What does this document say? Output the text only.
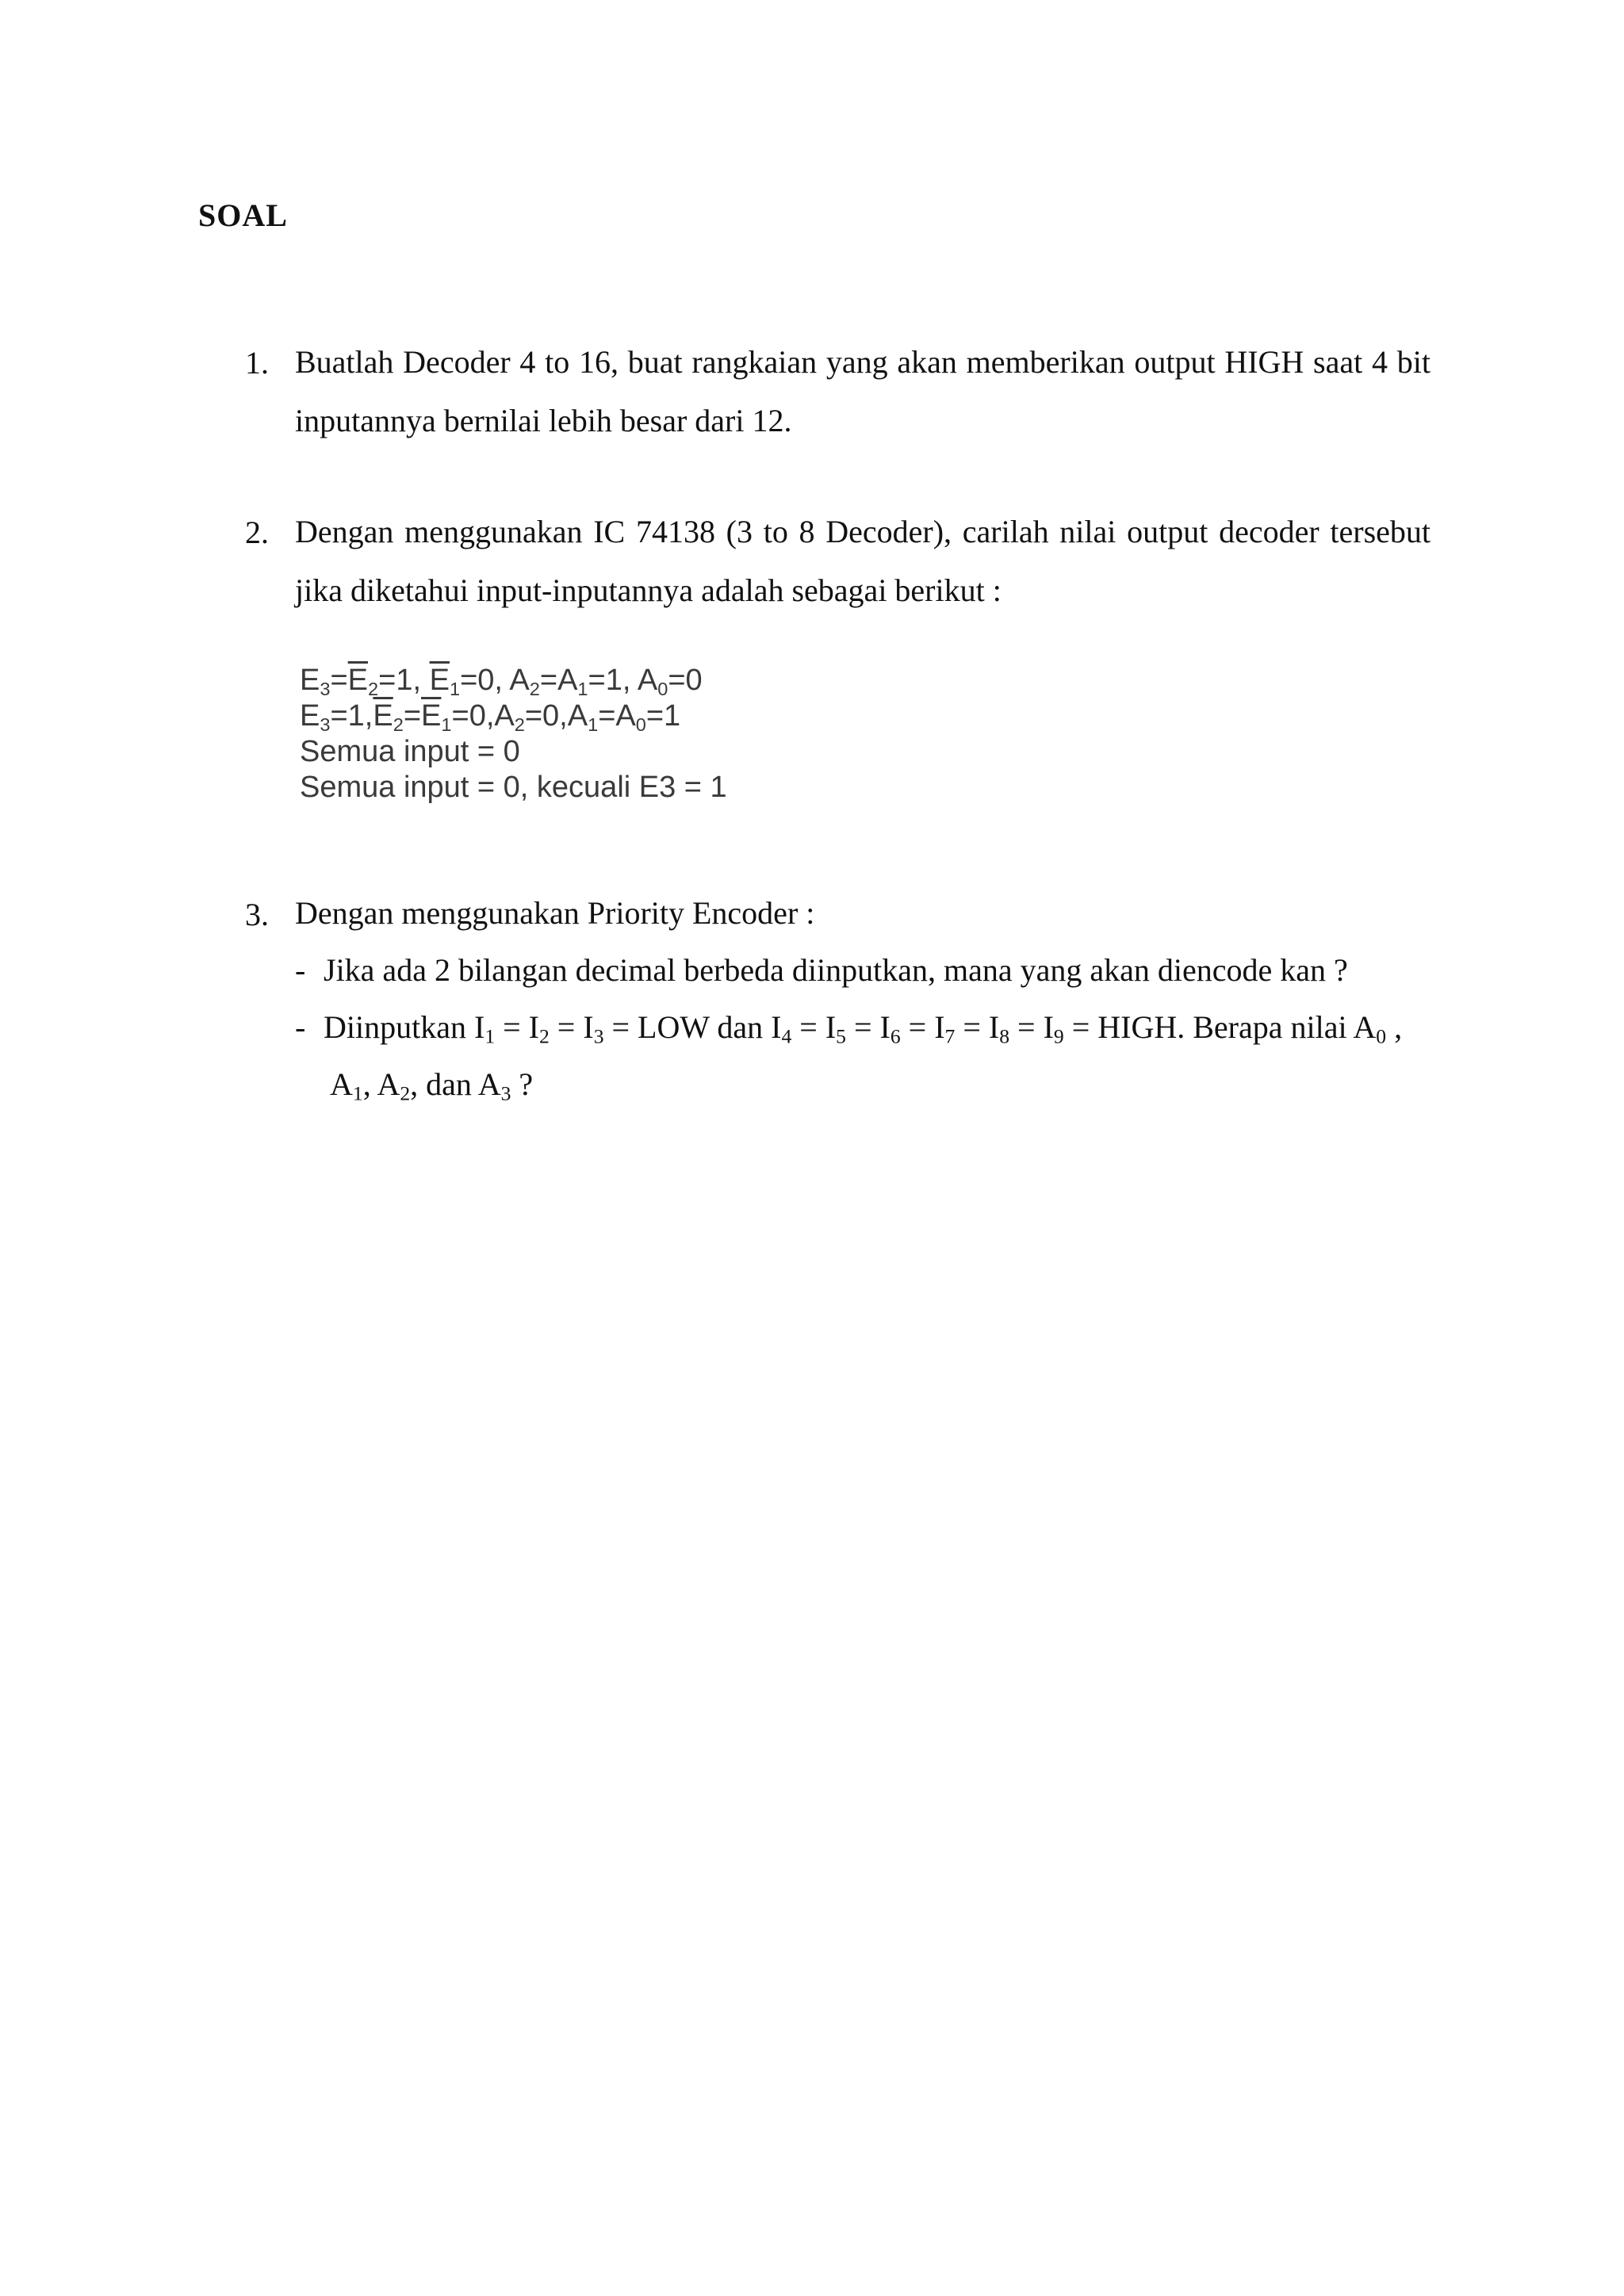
SOAL
1. Buatlah Decoder 4 to 16, buat rangkaian yang akan memberikan output HIGH saat 4 bit inputannya bernilai lebih besar dari 12.
2. Dengan menggunakan IC 74138 (3 to 8 Decoder), carilah nilai output decoder tersebut jika diketahui input-inputannya adalah sebagai berikut :
$E_3=\overline{E}_2=1$, $\overline{E}_1=0$, $A_2=A_1=1$, $A_0=0$
$E_3=1,\overline{E}_2=\overline{E}_1=0,A_2=0,A_1=A_0=1$
Semua input = 0
Semua input = 0, kecuali E3 = 1
3. Dengan menggunakan Priority Encoder :
- Jika ada 2 bilangan decimal berbeda diinputkan, mana yang akan diencode kan ?
- Diinputkan $I_1 = I_2 = I_3$ = LOW dan $I_4 = I_5 = I_6 = I_7 = I_8 = I_9$ = HIGH. Berapa nilai $A_0$ ,
$A_1$, $A_2$, dan $A_3$ ?
